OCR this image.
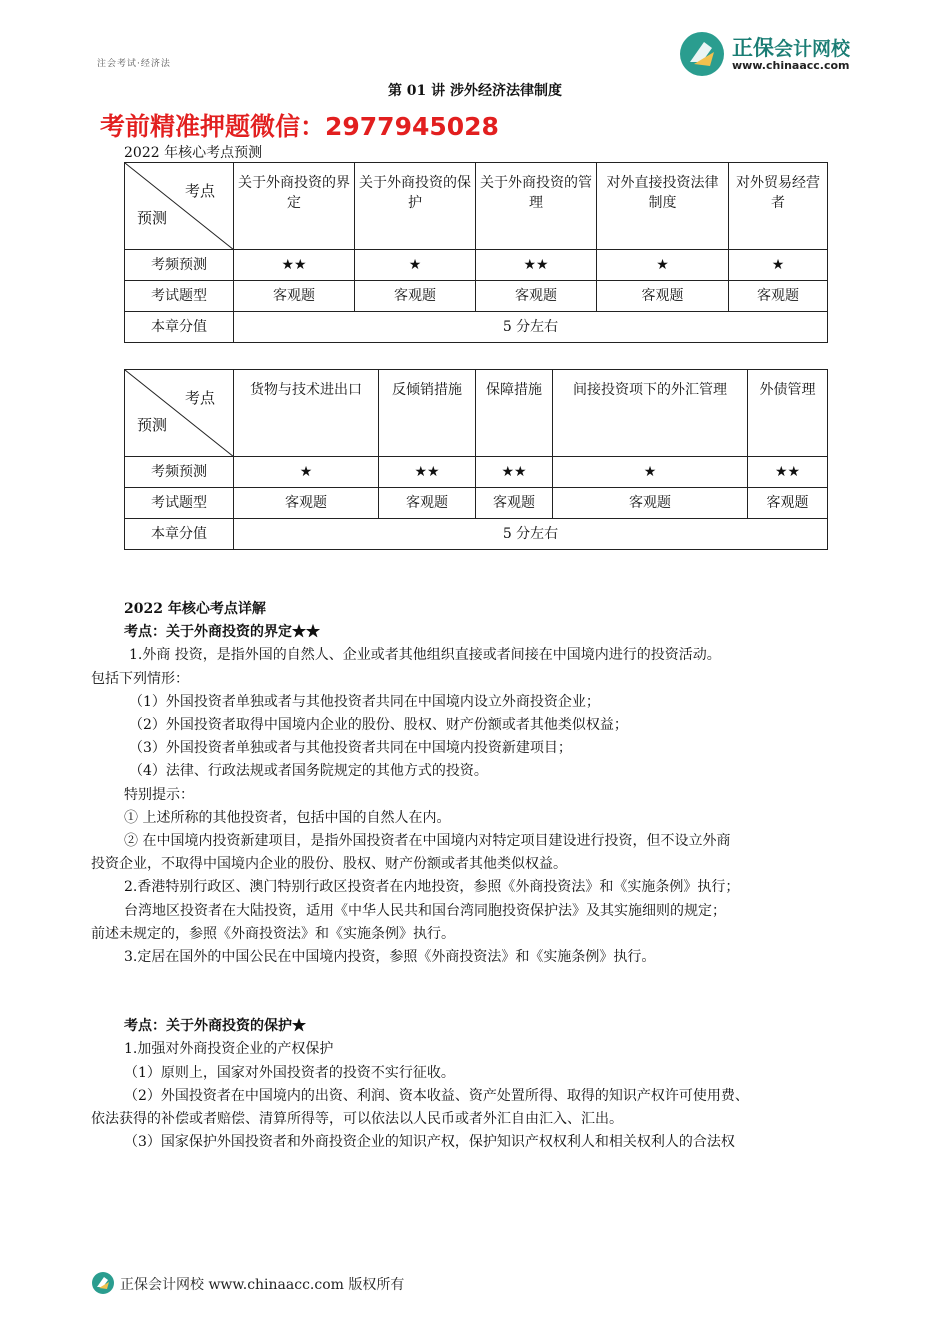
注会考试·经济法
正保会计网校
www.chinaacc.com
第 01 讲 涉外经济法律制度
考前精准押题微信：2977945028
2022 年核心考点预测
考点
预测	关于外商投资的界定	关于外商投资的保护	关于外商投资的管理	对外直接投资法律制度	对外贸易经营者
考频预测	★★	★	★★	★	★
考试题型	客观题	客观题	客观题	客观题	客观题
本章分值	5 分左右				
考点
预测	货物与技术进出口	反倾销措施	保障措施	间接投资项下的外汇管理	外债管理
考频预测	★	★★	★★	★	★★
考试题型	客观题	客观题	客观题	客观题	客观题
本章分值	5 分左右				

2022 年核心考点详解

考点：关于外商投资的界定★★

1.外商 投资，是指外国的自然人、企业或者其他组织直接或者间接在中国境内进行的投资活动。

包括下列情形：

（1）外国投资者单独或者与其他投资者共同在中国境内设立外商投资企业；

（2）外国投资者取得中国境内企业的股份、股权、财产份额或者其他类似权益；

（3）外国投资者单独或者与其他投资者共同在中国境内投资新建项目；

（4）法律、行政法规或者国务院规定的其他方式的投资。

特别提示：

① 上述所称的其他投资者，包括中国的自然人在内。

② 在中国境内投资新建项目，是指外国投资者在中国境内对特定项目建设进行投资，但不设立外商

投资企业，不取得中国境内企业的股份、股权、财产份额或者其他类似权益。

2.香港特别行政区、澳门特别行政区投资者在内地投资，参照《外商投资法》和《实施条例》执行；

台湾地区投资者在大陆投资，适用《中华人民共和国台湾同胞投资保护法》及其实施细则的规定；

前述未规定的，参照《外商投资法》和《实施条例》执行。

3.定居在国外的中国公民在中国境内投资，参照《外商投资法》和《实施条例》执行。

考点：关于外商投资的保护★

1.加强对外商投资企业的产权保护

（1）原则上，国家对外国投资者的投资不实行征收。

（2）外国投资者在中国境内的出资、利润、资本收益、资产处置所得、取得的知识产权许可使用费、

依法获得的补偿或者赔偿、清算所得等，可以依法以人民币或者外汇自由汇入、汇出。

（3）国家保护外国投资者和外商投资企业的知识产权，保护知识产权权利人和相关权利人的合法权

正保会计网校 www.chinaacc.com 版权所有
